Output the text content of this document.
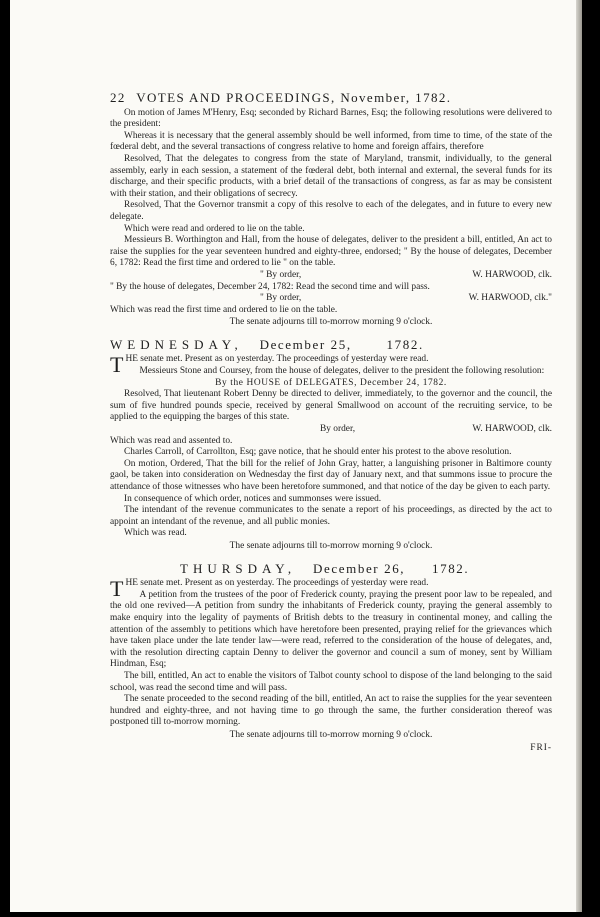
22 VOTES AND PROCEEDINGS, November, 1782.

On motion of James M'Henry, Esq; seconded by Richard Barnes, Esq; the following resolutions were delivered to the president:

Whereas it is necessary that the general assembly should be well informed, from time to time, of the state of the fœderal debt, and the several transactions of congress relative to home and foreign affairs, therefore

Resolved, That the delegates to congress from the state of Maryland, transmit, individually, to the general assembly, early in each session, a statement of the fœderal debt, both internal and external, the several funds for its discharge, and their specific products, with a brief detail of the transactions of congress, as far as may be consistent with their station, and their obligations of secrecy.

Resolved, That the Governor transmit a copy of this resolve to each of the delegates, and in future to every new delegate.

Which were read and ordered to lie on the table.

Messieurs B. Worthington and Hall, from the house of delegates, deliver to the president a bill, entitled, An act to raise the supplies for the year seventeen hundred and eighty-three, endorsed; " By the house of delegates, December 6, 1782: Read the first time and ordered to lie " on the table.

" By order,	W. HARWOOD, clk.

" By the house of delegates, December 24, 1782: Read the second time and will pass.

" By order,	W. HARWOOD, clk."

Which was read the first time and ordered to lie on the table.

The senate adjourns till to-morrow morning 9 o'clock.
WEDNESDAY, December 25,	1782.

THE senate met. Present as on yesterday. The proceedings of yesterday were read.

Messieurs Stone and Coursey, from the house of delegates, deliver to the president the following resolution:

By the HOUSE of DELEGATES, December 24, 1782.

Resolved, That lieutenant Robert Denny be directed to deliver, immediately, to the governor and the council, the sum of five hundred pounds specie, received by general Smallwood on account of the recruiting service, to be applied to the equipping the barges of this state.

By order,	W. HARWOOD, clk.

Which was read and assented to.

Charles Carroll, of Carrollton, Esq; gave notice, that he should enter his protest to the above resolution.

On motion, Ordered, That the bill for the relief of John Gray, hatter, a languishing prisoner in Baltimore county gaol, be taken into consideration on Wednesday the first day of January next, and that summons issue to procure the attendance of those witnesses who have been heretofore summoned, and that notice of the day be given to each party.

In consequence of which order, notices and summonses were issued.

The intendant of the revenue communicates to the senate a report of his proceedings, as directed by the act to appoint an intendant of the revenue, and all public monies.

Which was read.

The senate adjourns till to-morrow morning 9 o'clock.
THURSDAY, December 26, 1782.

THE senate met. Present as on yesterday. The proceedings of yesterday were read.

A petition from the trustees of the poor of Frederick county, praying the present poor law to be repealed, and the old one revived—A petition from sundry the inhabitants of Frederick county, praying the general assembly to make enquiry into the legality of payments of British debts to the treasury in continental money, and calling the attention of the assembly to petitions which have heretofore been presented, praying relief for the grievances which have taken place under the late tender law—were read, referred to the consideration of the house of delegates, and, with the resolution directing captain Denny to deliver the governor and council a sum of money, sent by William Hindman, Esq;

The bill, entitled, An act to enable the visitors of Talbot county school to dispose of the land belonging to the said school, was read the second time and will pass.

The senate proceeded to the second reading of the bill, entitled, An act to raise the supplies for the year seventeen hundred and eighty-three, and not having time to go through the same, the further consideration thereof was postponed till to-morrow morning.

The senate adjourns till to-morrow morning 9 o'clock.
FRI-
